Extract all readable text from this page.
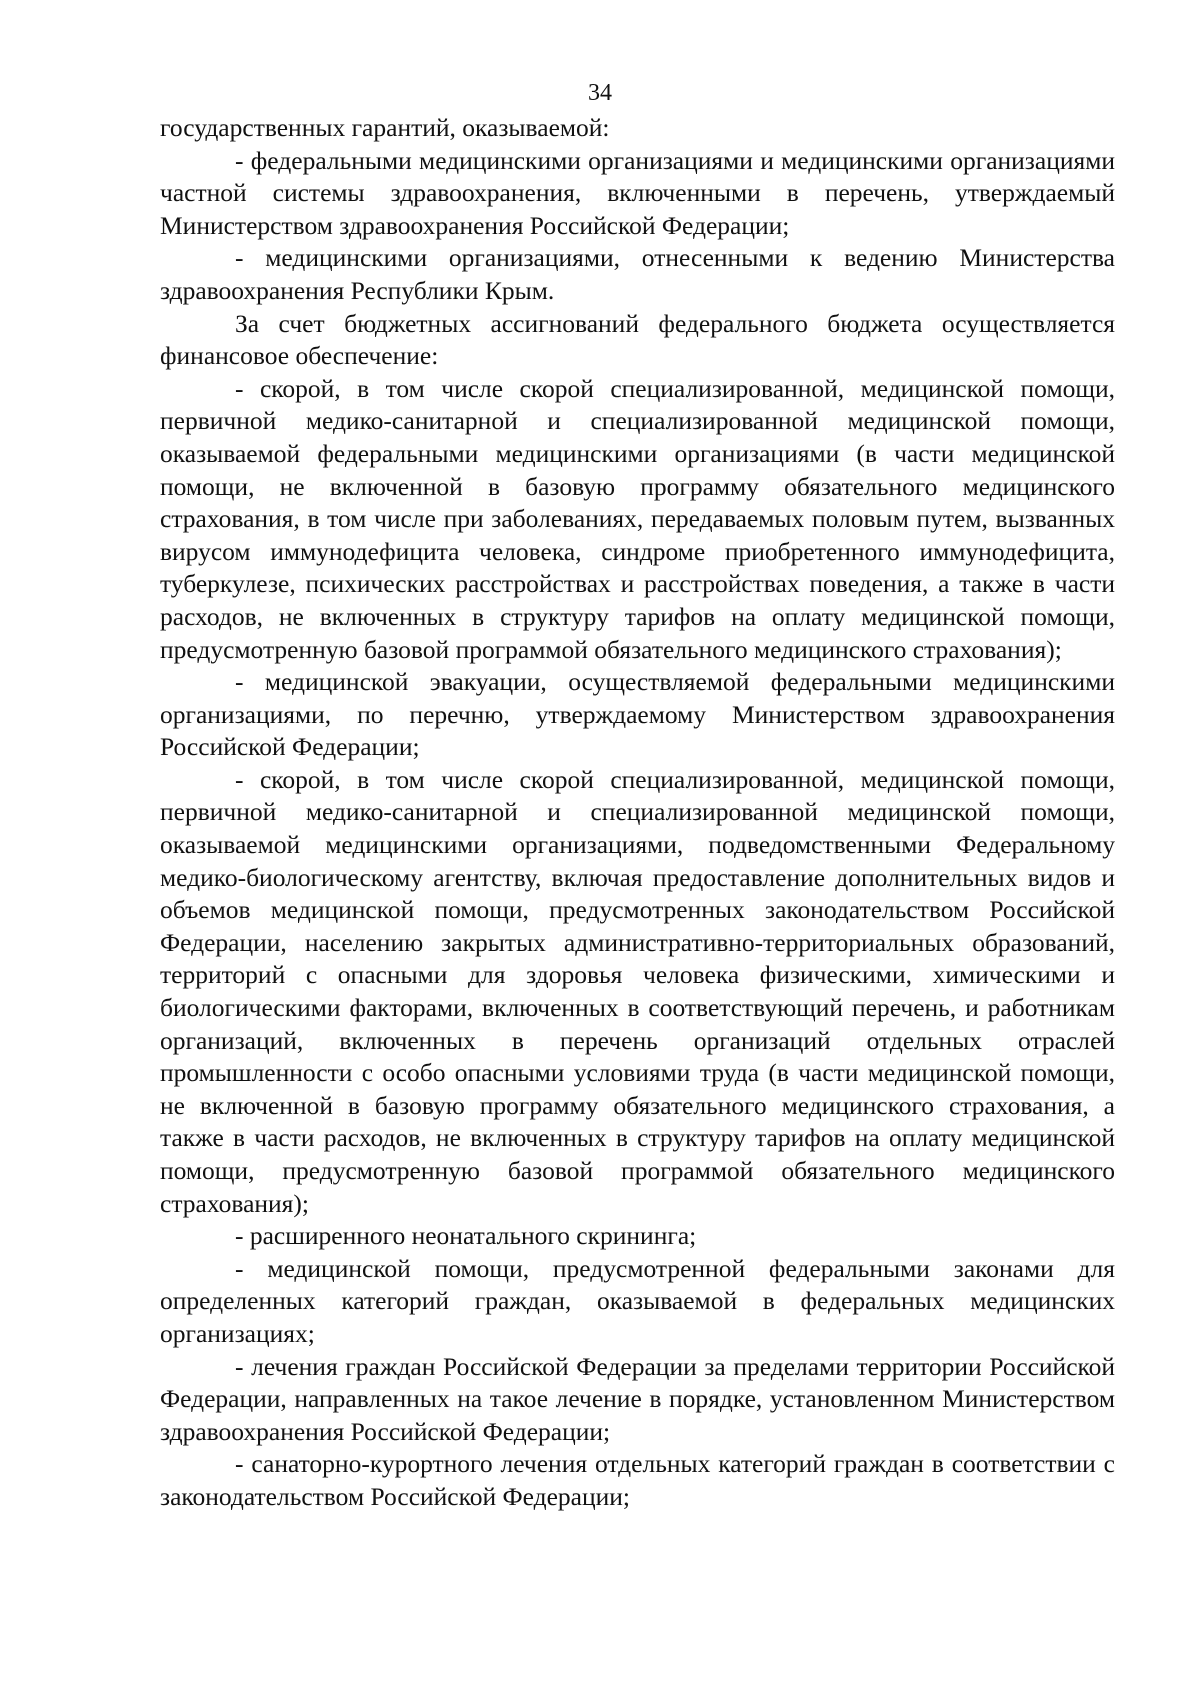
34

государственных гарантий, оказываемой:

- федеральными медицинскими организациями и медицинскими организациями частной системы здравоохранения, включенными в перечень, утверждаемый Министерством здравоохранения Российской Федерации;

- медицинскими организациями, отнесенными к ведению Министерства здравоохранения Республики Крым.

За счет бюджетных ассигнований федерального бюджета осуществляется финансовое обеспечение:

- скорой, в том числе скорой специализированной, медицинской помощи, первичной медико-санитарной и специализированной медицинской помощи, оказываемой федеральными медицинскими организациями (в части медицинской помощи, не включенной в базовую программу обязательного медицинского страхования, в том числе при заболеваниях, передаваемых половым путем, вызванных вирусом иммунодефицита человека, синдроме приобретенного иммунодефицита, туберкулезе, психических расстройствах и расстройствах поведения, а также в части расходов, не включенных в структуру тарифов на оплату медицинской помощи, предусмотренную базовой программой обязательного медицинского страхования);

- медицинской эвакуации, осуществляемой федеральными медицинскими организациями, по перечню, утверждаемому Министерством здравоохранения Российской Федерации;

- скорой, в том числе скорой специализированной, медицинской помощи, первичной медико-санитарной и специализированной медицинской помощи, оказываемой медицинскими организациями, подведомственными Федеральному медико-биологическому агентству, включая предоставление дополнительных видов и объемов медицинской помощи, предусмотренных законодательством Российской Федерации, населению закрытых административно-территориальных образований, территорий с опасными для здоровья человека физическими, химическими и биологическими факторами, включенных в соответствующий перечень, и работникам организаций, включенных в перечень организаций отдельных отраслей промышленности с особо опасными условиями труда (в части медицинской помощи, не включенной в базовую программу обязательного медицинского страхования, а также в части расходов, не включенных в структуру тарифов на оплату медицинской помощи, предусмотренную базовой программой обязательного медицинского страхования);

- расширенного неонатального скрининга;

- медицинской помощи, предусмотренной федеральными законами для определенных категорий граждан, оказываемой в федеральных медицинских организациях;

- лечения граждан Российской Федерации за пределами территории Российской Федерации, направленных на такое лечение в порядке, установленном Министерством здравоохранения Российской Федерации;

- санаторно-курортного лечения отдельных категорий граждан в соответствии с законодательством Российской Федерации;
